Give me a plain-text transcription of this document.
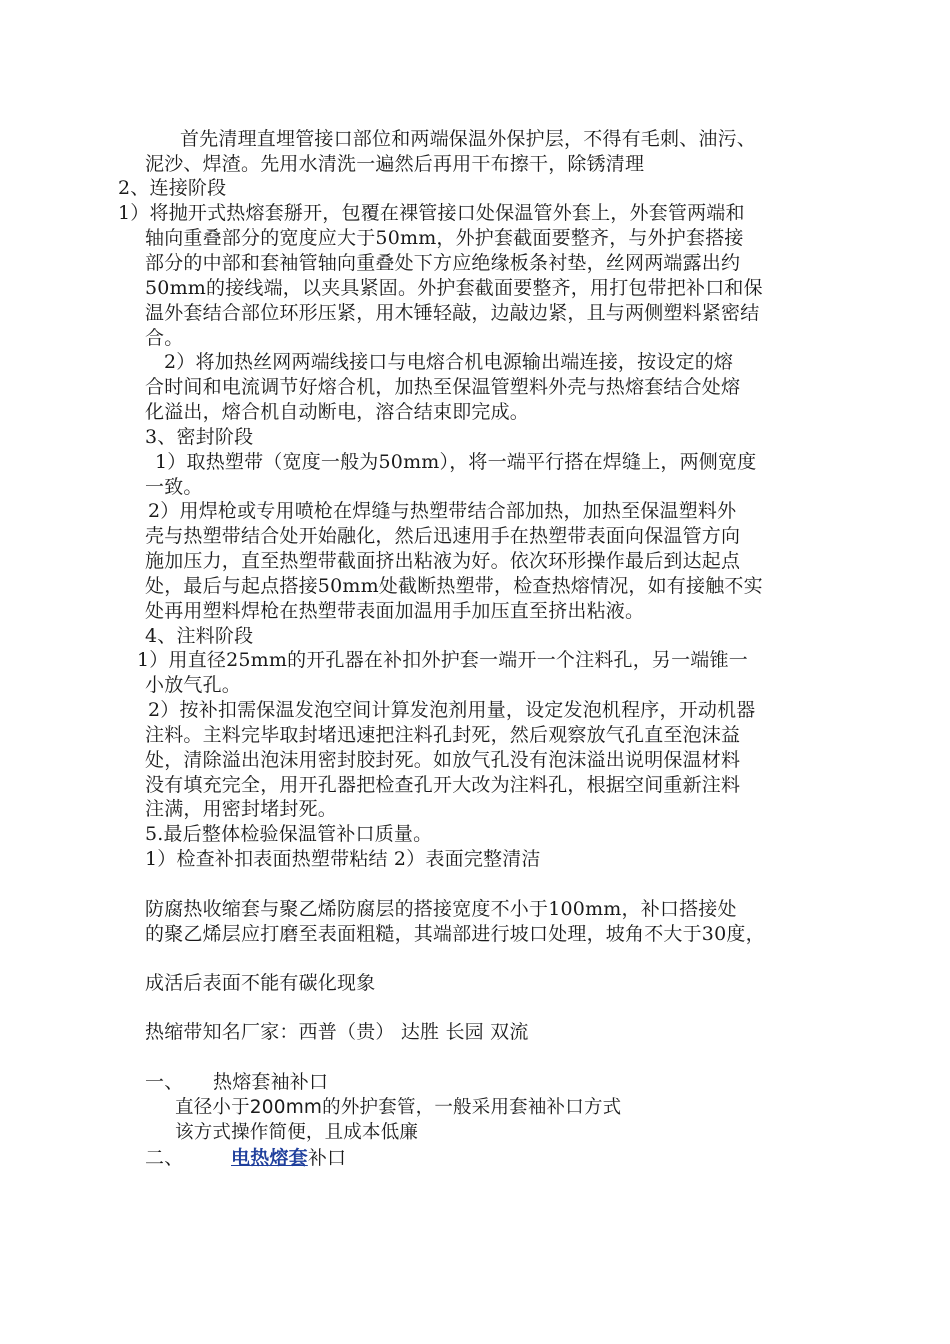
首先清理直埋管接口部位和两端保温外保护层，不得有毛刺、油污、
泥沙、焊渣。先用水清洗一遍然后再用干布擦干，除锈清理
2、连接阶段
1）将抛开式热熔套掰开，包覆在裸管接口处保温管外套上，外套管两端和
轴向重叠部分的宽度应大于50mm，外护套截面要整齐，与外护套搭接
部分的中部和套袖管轴向重叠处下方应绝缘板条衬垫，丝网两端露出约
50mm的接线端，以夹具紧固。外护套截面要整齐，用打包带把补口和保
温外套结合部位环形压紧，用木锤轻敲，边敲边紧，且与两侧塑料紧密结
合。
2）将加热丝网两端线接口与电熔合机电源输出端连接，按设定的熔
合时间和电流调节好熔合机，加热至保温管塑料外壳与热熔套结合处熔
化溢出，熔合机自动断电，溶合结束即完成。
3、密封阶段
1）取热塑带（宽度一般为50mm），将一端平行搭在焊缝上，两侧宽度
一致。
2）用焊枪或专用喷枪在焊缝与热塑带结合部加热，加热至保温塑料外
壳与热塑带结合处开始融化，然后迅速用手在热塑带表面向保温管方向
施加压力，直至热塑带截面挤出粘液为好。依次环形操作最后到达起点
处，最后与起点搭接50mm处截断热塑带，检查热熔情况，如有接触不实
处再用塑料焊枪在热塑带表面加温用手加压直至挤出粘液。
4、注料阶段
1）用直径25mm的开孔器在补扣外护套一端开一个注料孔，另一端锥一
小放气孔。
2）按补扣需保温发泡空间计算发泡剂用量，设定发泡机程序，开动机器
注料。主料完毕取封堵迅速把注料孔封死，然后观察放气孔直至泡沫益
处，清除溢出泡沫用密封胶封死。如放气孔没有泡沫溢出说明保温材料
没有填充完全，用开孔器把检查孔开大改为注料孔，根据空间重新注料
注满，用密封堵封死。
5.最后整体检验保温管补口质量。
1）检查补扣表面热塑带粘结 2）表面完整清洁
防腐热收缩套与聚乙烯防腐层的搭接宽度不小于100mm，补口搭接处
的聚乙烯层应打磨至表面粗糙，其端部进行坡口处理，坡角不大于30度，
成活后表面不能有碳化现象
热缩带知名厂家：西普（贵） 达胜 长园 双流
一、 热熔套袖补口
直径小于200mm的外护套管，一般采用套袖补口方式
该方式操作简便，且成本低廉
二、	电热熔套补口
